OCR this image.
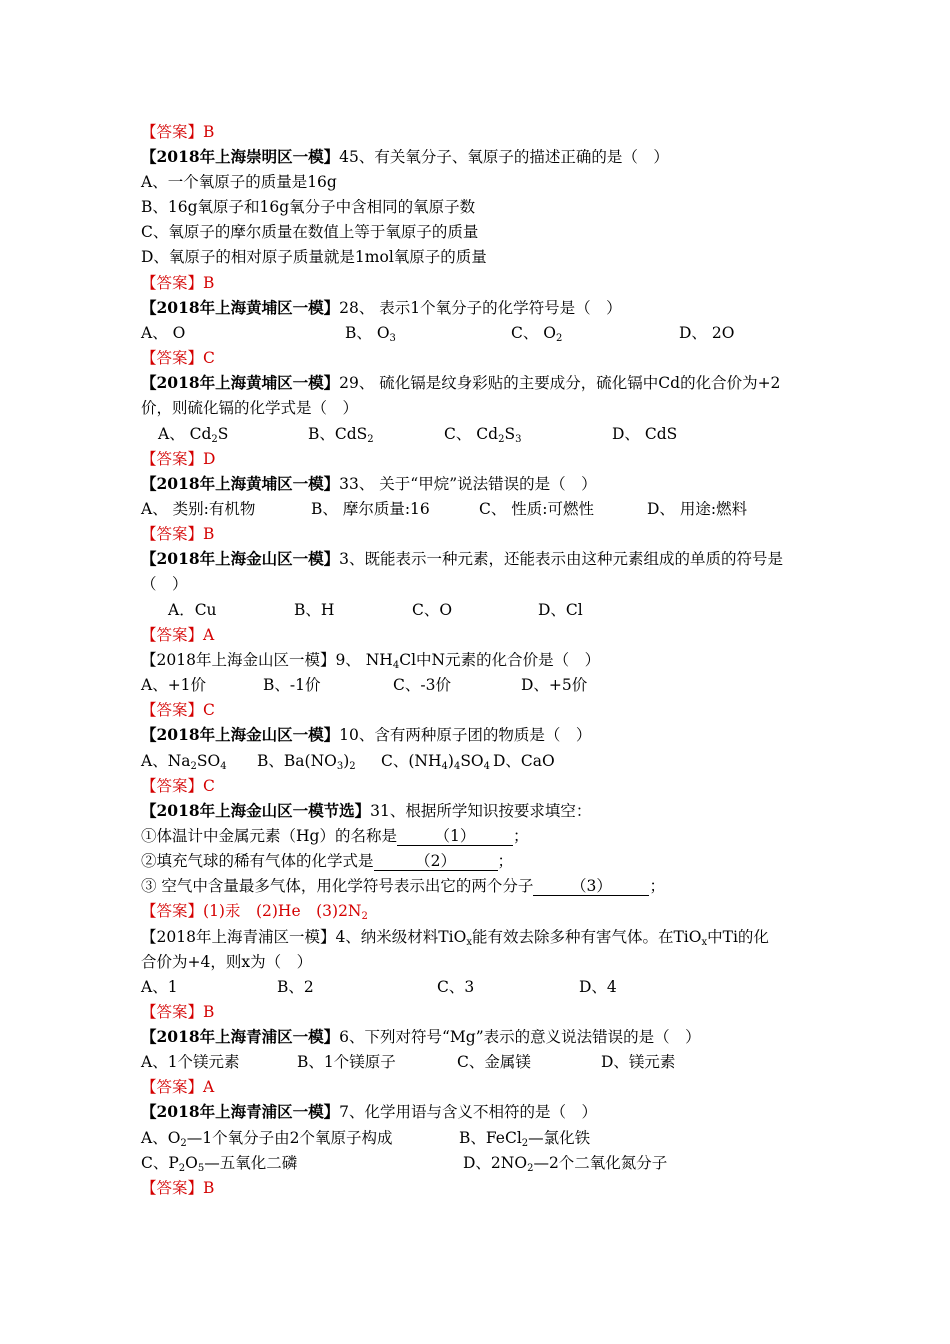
【答案】B
【2018年上海崇明区一模】45、有关氧分子、氧原子的描述正确的是（　）
A、一个氧原子的质量是16g
B、16g氧原子和16g氧分子中含相同的氧原子数
C、氧原子的摩尔质量在数值上等于氧原子的质量
D、氧原子的相对原子质量就是1mol氧原子的质量
【答案】B
【2018年上海黄埔区一模】28、 表示1个氧分子的化学符号是（　）
A、 O	B、 $O_3$	C、 $O_2$	D、 2O
【答案】C
【2018年上海黄埔区一模】29、 硫化镉是纹身彩贴的主要成分，硫化镉中Cd的化合价为+2
价，则硫化镉的化学式是（　）
A、 $Cd_2S$	B、CdS$_2$	C、 $Cd_2S_3$	D、 CdS
【答案】D
【2018年上海黄埔区一模】33、 关于“甲烷”说法错误的是（　）
A、 类别:有机物	B、 摩尔质量:16	C、 性质:可燃性	D、 用途:燃料
【答案】B
【2018年上海金山区一模】3、既能表示一种元素，还能表示由这种元素组成的单质的符号是
（　）
A．Cu	B、H	C、O	D、Cl
【答案】A
【2018年上海金山区一模】9、 $NH_4Cl$中N元素的化合价是（　）
A、+1价	B、-1价	C、-3价	D、+5价
【答案】C
【2018年上海金山区一模】10、含有两种原子团的物质是（　）
A、$Na_2SO_4$ B、$Ba(NO_3)_2$ C、$(NH_4)_4SO_4$ D、CaO
【答案】C
【2018年上海金山区一模节选】31、根据所学知识按要求填空：
①体温计中金属元素（Hg）的名称是 （1） ；
②填充气球的稀有气体的化学式是	（2）	；
③ 空气中含量最多气体，用化学符号表示出它的两个分子 （3） ；
【答案】(1)汞　(2)He　$(3)2N_2$
【2018年上海青浦区一模】4、纳米级材料TiO$_x$能有效去除多种有害气体。在TiO$_x$中Ti的化
合价为+4，则x为（　）
A、1	B、2	C、3	D、4
【答案】B
【2018年上海青浦区一模】6、下列对符号“Mg”表示的意义说法错误的是（　）
A、1个镁元素	B、1个镁原子	C、金属镁	D、镁元素
【答案】A
【2018年上海青浦区一模】7、化学用语与含义不相符的是（　）
A、$O_2—1$个氧分子由2个氧原子构成	B、FeCl$_2$—氯化铁
C、$P_2O_5—$五氧化二磷	D、$2NO_2—2$个二氧化氮分子
【答案】B
